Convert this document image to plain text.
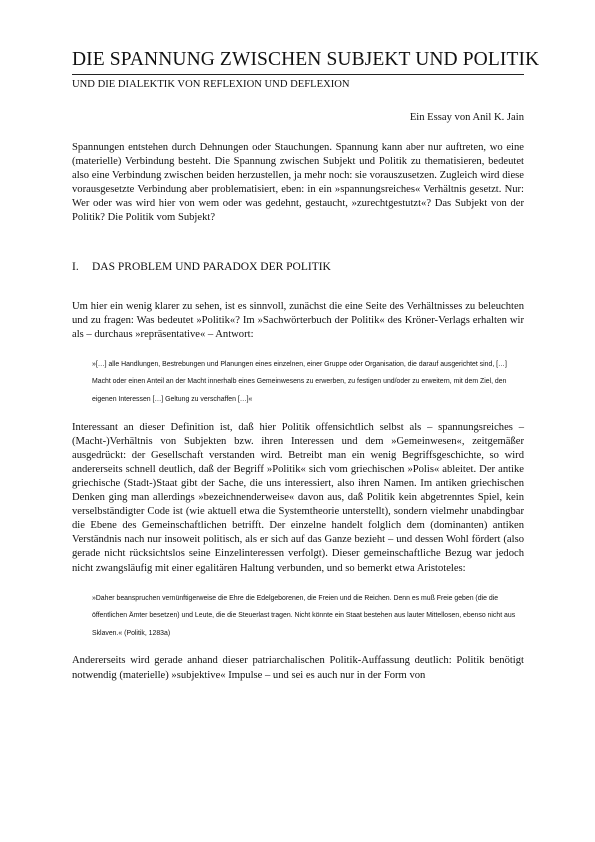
DIE SPANNUNG ZWISCHEN SUBJEKT UND POLITIK
UND DIE DIALEKTIK VON REFLEXION UND DEFLEXION
Ein Essay von Anil K. Jain

Spannungen entstehen durch Dehnungen oder Stauchungen. Spannung kann aber nur auftreten, wo eine (materielle) Verbindung besteht. Die Spannung zwischen Subjekt und Politik zu thematisieren, bedeutet also eine Verbindung zwischen beiden herzustellen, ja mehr noch: sie vorauszusetzen. Zugleich wird diese vorausgesetzte Verbindung aber problematisiert, eben: in ein »spannungsreiches« Verhältnis gesetzt. Nur: Wer oder was wird hier von wem oder was gedehnt, gestaucht, »zurechtgestutzt«? Das Subjekt von der Politik? Die Politik vom Subjekt?

I. DAS PROBLEM UND PARADOX DER POLITIK

Um hier ein wenig klarer zu sehen, ist es sinnvoll, zunächst die eine Seite des Verhältnisses zu beleuchten und zu fragen: Was bedeutet »Politik«? Im »Sachwörterbuch der Politik« des Kröner-Verlags erhalten wir als – durchaus »repräsentative« – Antwort:

»[…] alle Handlungen, Bestrebungen und Planungen eines einzelnen, einer Gruppe oder Organisation, die darauf ausgerichtet sind, […] Macht oder einen Anteil an der Macht innerhalb eines Gemeinwesens zu erwerben, zu festigen und/oder zu erweitern, mit dem Ziel, den eigenen Interessen […] Geltung zu verschaffen […]«

Interessant an dieser Definition ist, daß hier Politik offensichtlich selbst als – spannungsreiches – (Macht-)Verhältnis von Subjekten bzw. ihren Interessen und dem »Gemeinwesen«, zeitgemäßer ausgedrückt: der Gesellschaft verstanden wird. Betreibt man ein wenig Begriffsgeschichte, so wird andererseits schnell deutlich, daß der Begriff »Politik« sich vom griechischen »Polis« ableitet. Der antike griechische (Stadt-)Staat gibt der Sache, die uns interessiert, also ihren Namen. Im antiken griechischen Denken ging man allerdings »bezeichnenderweise« davon aus, daß Politik kein abgetrenntes Spiel, kein verselbständigter Code ist (wie aktuell etwa die Systemtheorie unterstellt), sondern vielmehr unabdingbar die Ebene des Gemeinschaftlichen betrifft. Der einzelne handelt folglich dem (dominanten) antiken Verständnis nach nur insoweit politisch, als er sich auf das Ganze bezieht – und dessen Wohl fördert (also gerade nicht rücksichtslos seine Einzelinteressen verfolgt). Dieser gemeinschaftliche Bezug war jedoch nicht zwangsläufig mit einer egalitären Haltung verbunden, und so bemerkt etwa Aristoteles:

»Daher beanspruchen vernünftigerweise die Ehre die Edelgeborenen, die Freien und die Reichen. Denn es muß Freie geben (die die öffentlichen Ämter besetzen) und Leute, die die Steuerlast tragen. Nicht könnte ein Staat bestehen aus lauter Mittellosen, ebenso nicht aus Sklaven.« (Politik, 1283a)

Andererseits wird gerade anhand dieser patriarchalischen Politik-Auffassung deutlich: Politik benötigt notwendig (materielle) »subjektive« Impulse – und sei es auch nur in der Form von
